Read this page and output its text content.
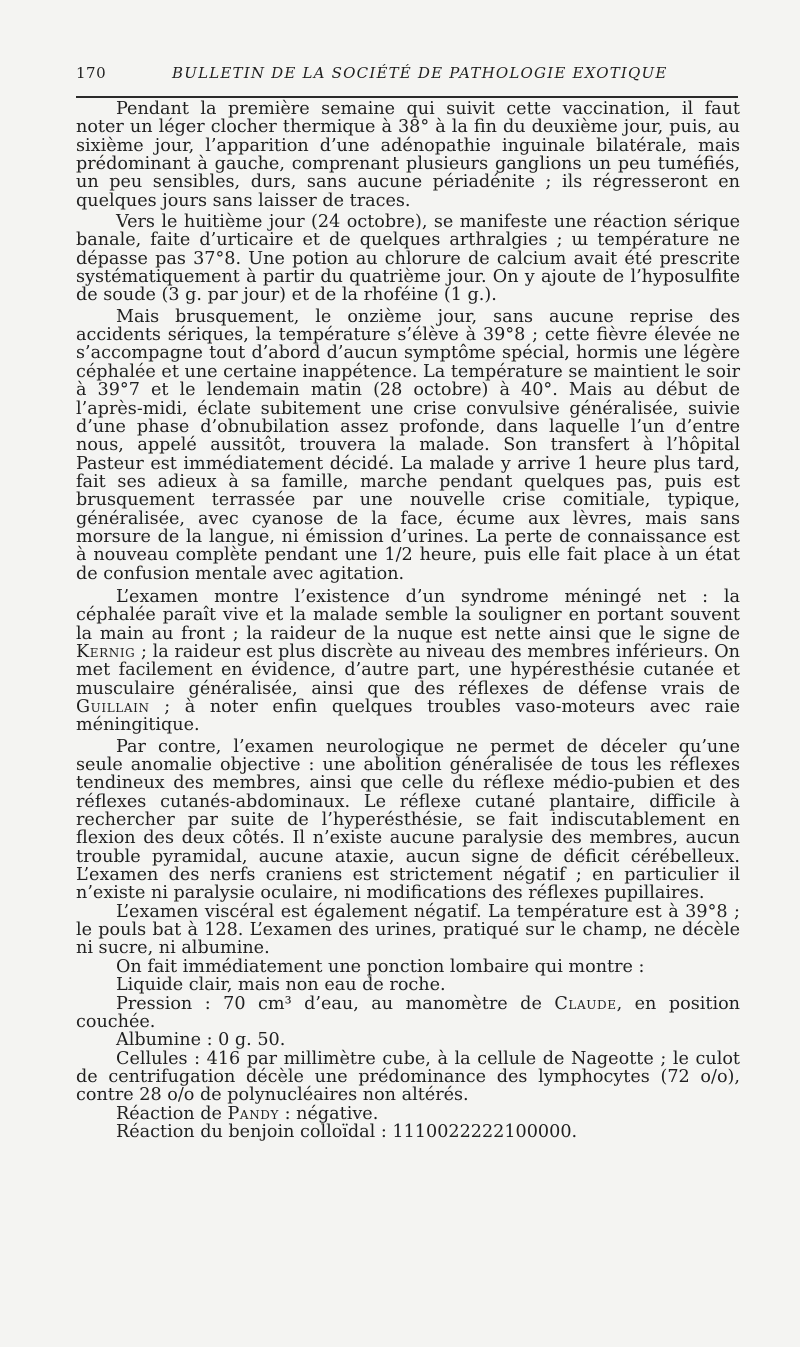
170	BULLETIN DE LA SOCIÉTÉ DE PATHOLOGIE EXOTIQUE

Pendant la première semaine qui suivit cette vaccination, il faut noter un léger clocher thermique à 38° à la fin du deuxième jour, puis, au sixième jour, l’apparition d’une adénopathie inguinale bilatérale, mais prédominant à gauche, comprenant plusieurs ganglions un peu tuméfiés, un peu sensibles, durs, sans aucune périadénite ; ils régresseront en quelques jours sans laisser de traces.

Vers le huitième jour (24 octobre), se manifeste une réaction sérique banale, faite d’urticaire et de quelques arthralgies ; ա température ne dépasse pas 37°8. Une potion au chlorure de calcium avait été prescrite systématiquement à partir du quatrième jour. On y ajoute de l’hyposulfite de soude (3 g. par jour) et de la rhoféine (1 g.).

Mais brusquement, le onzième jour, sans aucune reprise des accidents sériques, la température s’élève à 39°8 ; cette fièvre élevée ne s’accompagne tout d’abord d’aucun symptôme spécial, hormis une légère céphalée et une certaine inappétence. La température se maintient le soir à 39°7 et le lendemain matin (28 octobre) à 40°. Mais au début de l’après-midi, éclate subitement une crise convulsive généralisée, suivie d’une phase d’obnubilation assez profonde, dans laquelle l’un d’entre nous, appelé aussitôt, trouvera la malade. Son transfert à l’hôpital Pasteur est immédiatement décidé. La malade y arrive 1 heure plus tard, fait ses adieux à sa famille, marche pendant quelques pas, puis est brusquement terrassée par une nouvelle crise comitiale, typique, généralisée, avec cyanose de la face, écume aux lèvres, mais sans morsure de la langue, ni émission d’urines. La perte de connaissance est à nouveau complète pendant une 1/2 heure, puis elle fait place à un état de confusion mentale avec agitation.

L’examen montre l’existence d’un syndrome méningé net : la céphalée paraît vive et la malade semble la souligner en portant souvent la main au front ; la raideur de la nuque est nette ainsi que le signe de Kernig ; la raideur est plus discrète au niveau des membres inférieurs. On met facilement en évidence, d’autre part, une hypéresthésie cutanée et musculaire généralisée, ainsi que des réflexes de défense vrais de Guillain ; à noter enfin quelques troubles vaso-moteurs avec raie méningitique.

Par contre, l’examen neurologique ne permet de déceler qu’une seule anomalie objective : une abolition généralisée de tous les réflexes tendineux des membres, ainsi que celle du réflexe médio-pubien et des réflexes cutanés-abdominaux. Le réflexe cutané plantaire, difficile à rechercher par suite de l’hyperésthésie, se fait indiscutablement en flexion des deux côtés. Il n’existe aucune paralysie des membres, aucun trouble pyramidal, aucune ataxie, aucun signe de déficit cérébelleux. L’examen des nerfs craniens est strictement négatif ; en particulier il n’existe ni paralysie oculaire, ni modifications des réflexes pupillaires.

L’examen viscéral est également négatif. La température est à 39°8 ; le pouls bat à 128. L’examen des urines, pratiqué sur le champ, ne décèle ni sucre, ni albumine.

On fait immédiatement une ponction lombaire qui montre :

Liquide clair, mais non eau de roche.

Pression : 70 cm³ d’eau, au manomètre de Claude, en position couchée.

Albumine : 0 g. 50.

Cellules : 416 par millimètre cube, à la cellule de Nageotte ; le culot de centrifugation décèle une prédominance des lymphocytes (72 o/o), contre 28 o/o de polynucléaires non altérés.

Réaction de Pandy : négative.

Réaction du benjoin colloïdal : 1110022222100000.
